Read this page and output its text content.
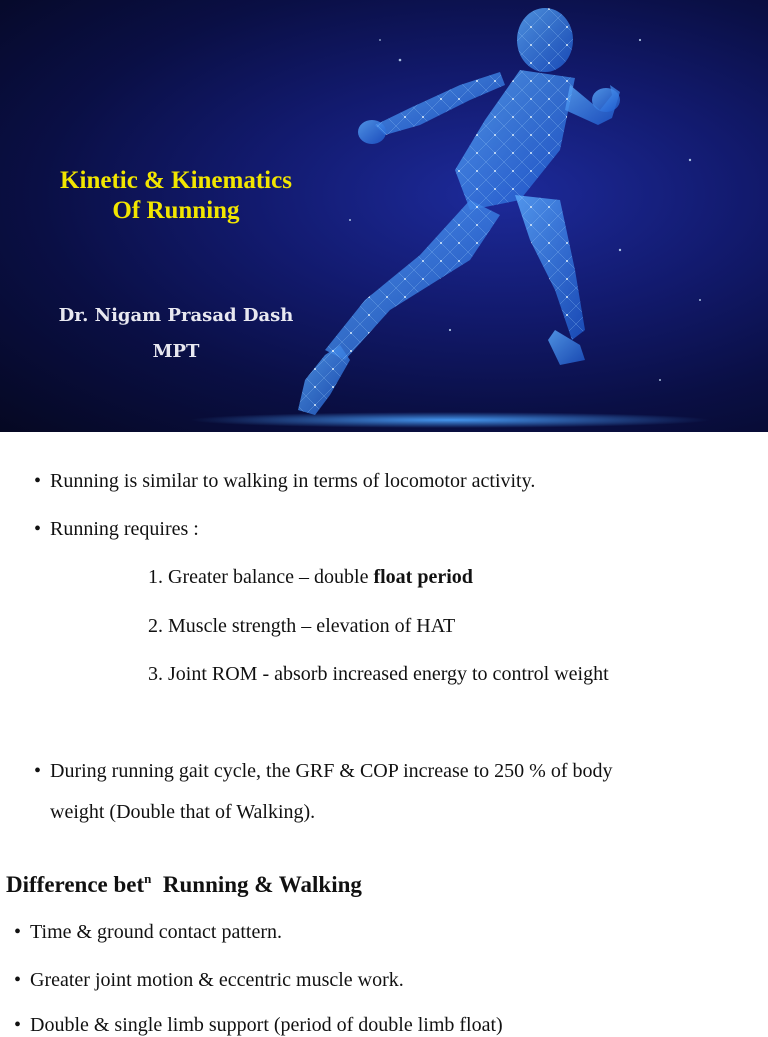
Kinetic & Kinematics
Of Running
Dr. Nigam Prasad Dash
MPT
• Running is similar to walking in terms of locomotor activity.
• Running requires :
1. Greater balance – double float period
2. Muscle strength – elevation of HAT
3. Joint ROM - absorb increased energy to control weight
• During running gait cycle, the GRF & COP increase to 250 % of body
weight (Double that of Walking).
Difference bet$^n$  Running & Walking
• Time & ground contact pattern.
• Greater joint motion & eccentric muscle work.
• Double & single limb support (period of double limb float)
